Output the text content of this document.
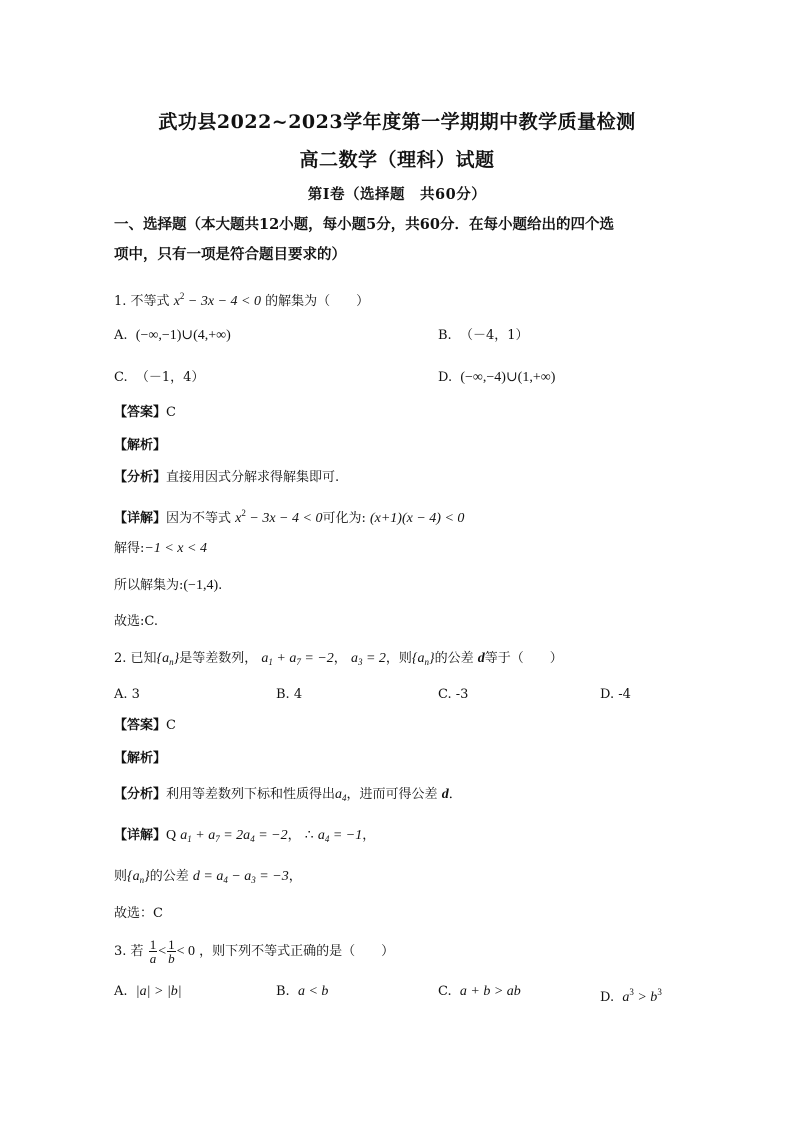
武功县2022~2023学年度第一学期期中教学质量检测
高二数学（理科）试题
第Ⅰ卷（选择题　共60分）
一、选择题（本大题共12小题，每小题5分，共60分．在每小题给出的四个选
项中，只有一项是符合题目要求的）
1. 不等式 $x^2 - 3x - 4 < 0$ 的解集为（　　）
A. (−∞,−1)∪(4,+∞)	B. （－4，1）
C. （－1，4）	D. (−∞,−4)∪(1,+∞)
【答案】C
【解析】
【分析】直接用因式分解求得解集即可.
【详解】因为不等式 $x^2 - 3x - 4 < 0$可化为: (x+1)(x − 4) < 0
解得:−1 < x < 4
所以解集为:(−1,4).
故选:C.
2. 已知$\{a_n\}$是等差数列， $a_1 + a_7 = -2$， $a_3 = 2$，则$\{a_n\}$的公差 d等于（　　）
A. 3	B. 4	C. -3	D. -4
【答案】C
【解析】
【分析】利用等差数列下标和性质得出$a_4$，进而可得公差 d．
【详解】Q $a_1 + a_7 = 2a_4 = -2$， ∴ $a_4 = -1$，
则$\{a_n\}$的公差 $d = a_4 - a_3 = -3$，
故选：C
3. 若 $\frac{1}{a} < \frac{1}{b} < 0$ ，则下列不等式正确的是（　　）
A. |a| > |b|	B. a < b	C. a + b > ab	D. $a^3 > b^3$
